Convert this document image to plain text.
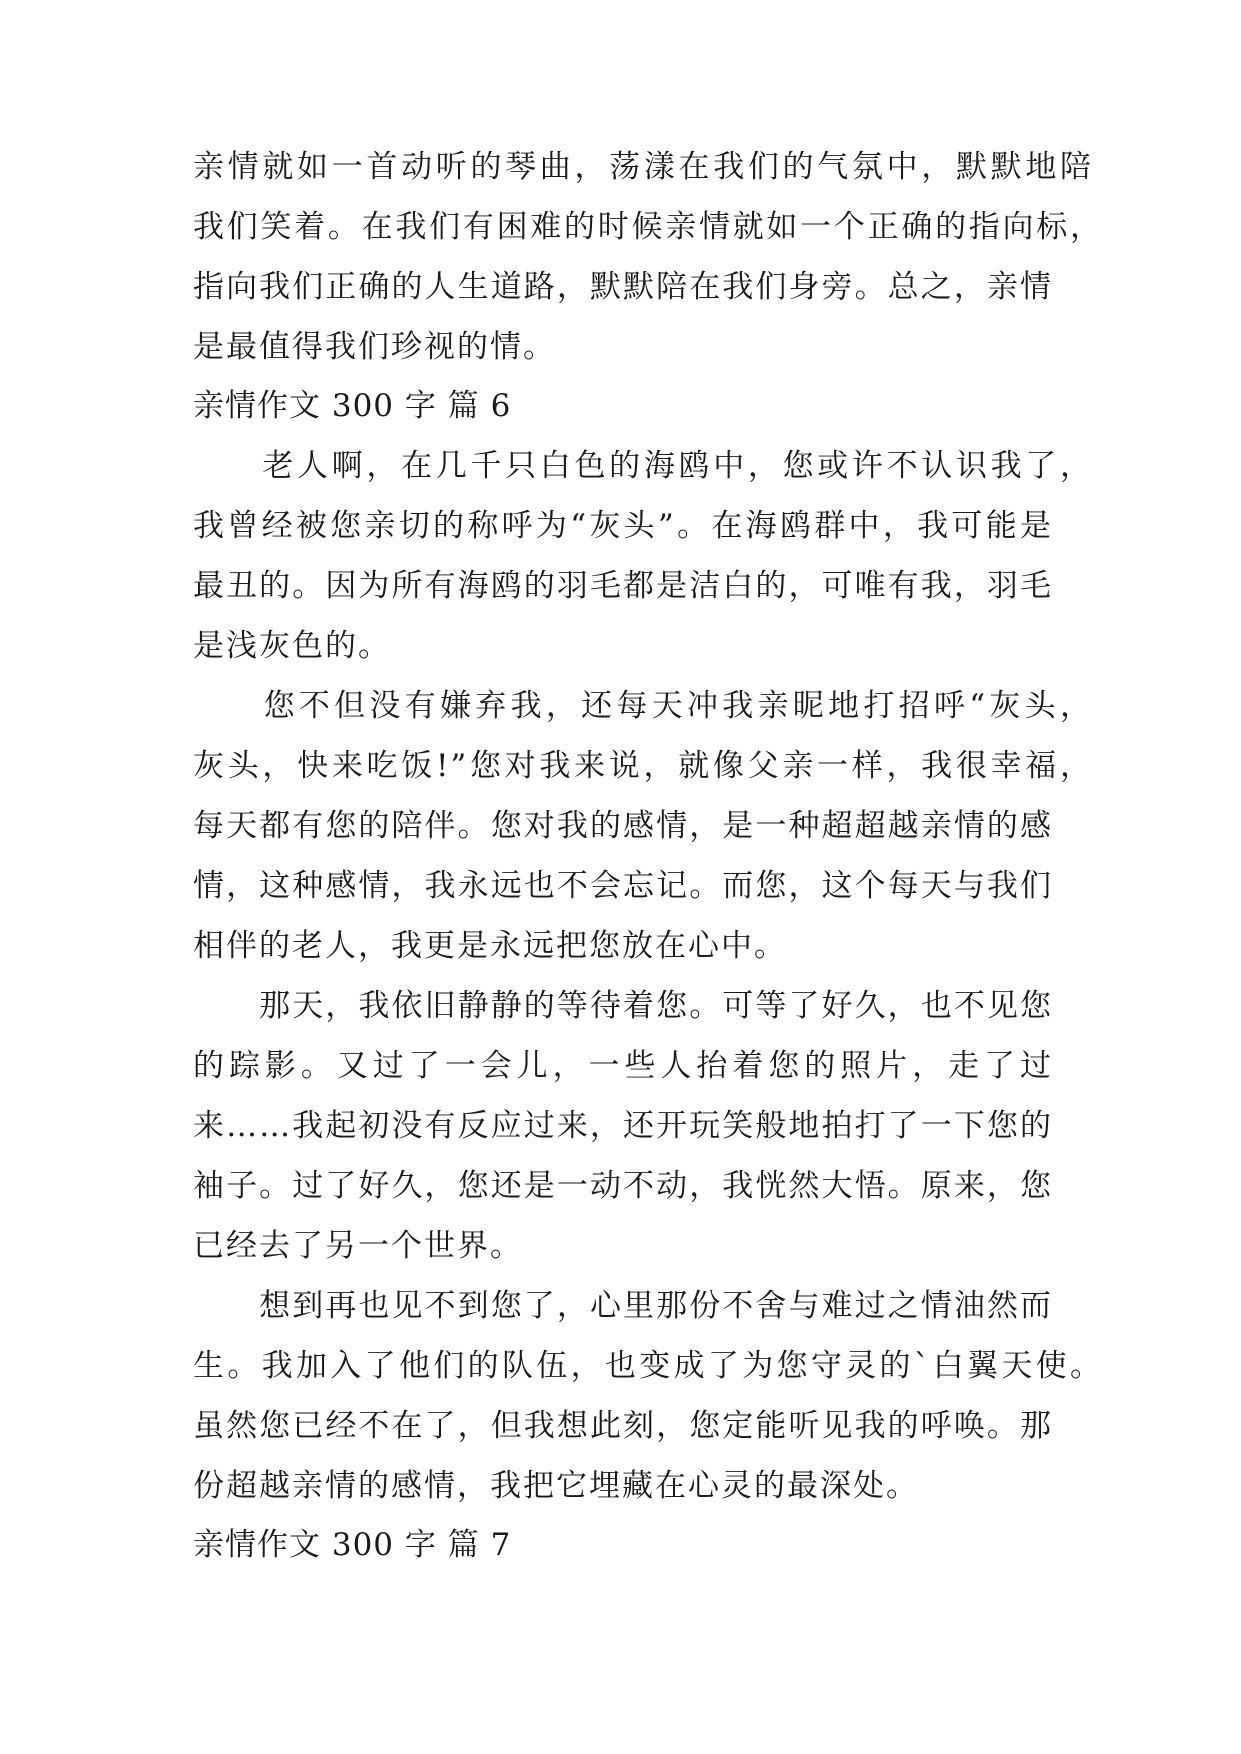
亲情就如一首动听的琴曲，荡漾在我们的气氛中，默默地陪
我们笑着。在我们有困难的时候亲情就如一个正确的指向标，
指向我们正确的人生道路，默默陪在我们身旁。总之，亲情
是最值得我们珍视的情。
亲情作文 300 字 篇 6
　　老人啊，在几千只白色的海鸥中，您或许不认识我了，
我曾经被您亲切的称呼为“灰头”。在海鸥群中，我可能是
最丑的。因为所有海鸥的羽毛都是洁白的，可唯有我，羽毛
是浅灰色的。
　　您不但没有嫌弃我，还每天冲我亲昵地打招呼“灰头，
灰头，快来吃饭!”您对我来说，就像父亲一样，我很幸福，
每天都有您的陪伴。您对我的感情，是一种超超越亲情的感
情，这种感情，我永远也不会忘记。而您，这个每天与我们
相伴的老人，我更是永远把您放在心中。
　　那天，我依旧静静的等待着您。可等了好久，也不见您
的踪影。又过了一会儿，一些人抬着您的照片，走了过
来……我起初没有反应过来，还开玩笑般地拍打了一下您的
袖子。过了好久，您还是一动不动，我恍然大悟。原来，您
已经去了另一个世界。
　　想到再也见不到您了，心里那份不舍与难过之情油然而
生。我加入了他们的队伍，也变成了为您守灵的`白翼天使。
虽然您已经不在了，但我想此刻，您定能听见我的呼唤。那
份超越亲情的感情，我把它埋藏在心灵的最深处。
亲情作文 300 字 篇 7
